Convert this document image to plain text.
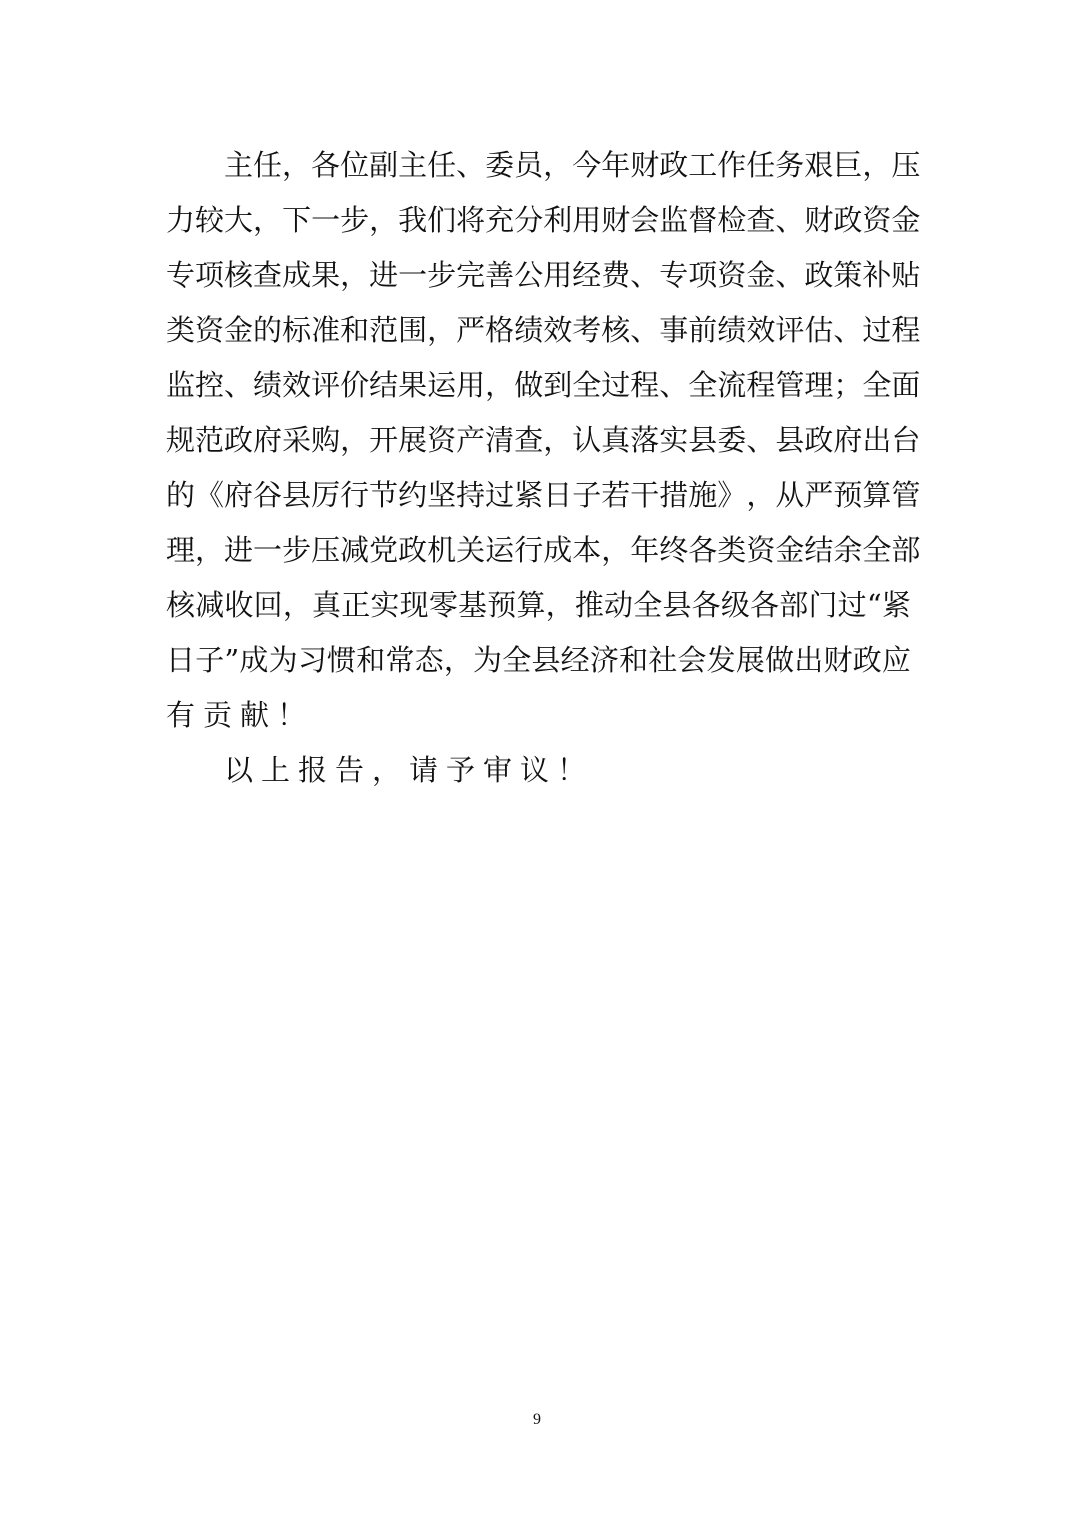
主 任 ， 各 位 副 主 任 、 委 员 ， 今 年 财 政 工 作 任 务 艰 巨 ， 压
力 较 大 ， 下 一 步 ， 我 们 将 充 分 利 用 财 会 监 督 检 查 、 财 政 资 金
专 项 核 查 成 果 ， 进 一 步 完 善 公 用 经 费 、 专 项 资 金 、 政 策 补 贴
类 资 金 的 标 准 和 范 围 ， 严 格 绩 效 考 核 、 事 前 绩 效 评 估 、 过 程
监 控 、 绩 效 评 价 结 果 运 用 ， 做 到 全 过 程 、 全 流 程 管 理 ； 全 面
规 范 政 府 采 购 ， 开 展 资 产 清 查 ， 认 真 落 实 县 委 、 县 政 府 出 台
的 《 府 谷 县 厉 行 节 约 坚 持 过 紧 日 子 若 干 措 施 》 ， 从 严 预 算 管
理 ， 进 一 步 压 减 党 政 机 关 运 行 成 本 ， 年 终 各 类 资 金 结 余 全 部
核 减 收 回 ， 真 正 实 现 零 基 预 算 ， 推 动 全 县 各 级 各 部 门 过 “ 紧
日 子 ” 成 为 习 惯 和 常 态 ， 为 全 县 经 济 和 社 会 发 展 做 出 财 政 应
有贡献！
以上报告，请予审议！
9
